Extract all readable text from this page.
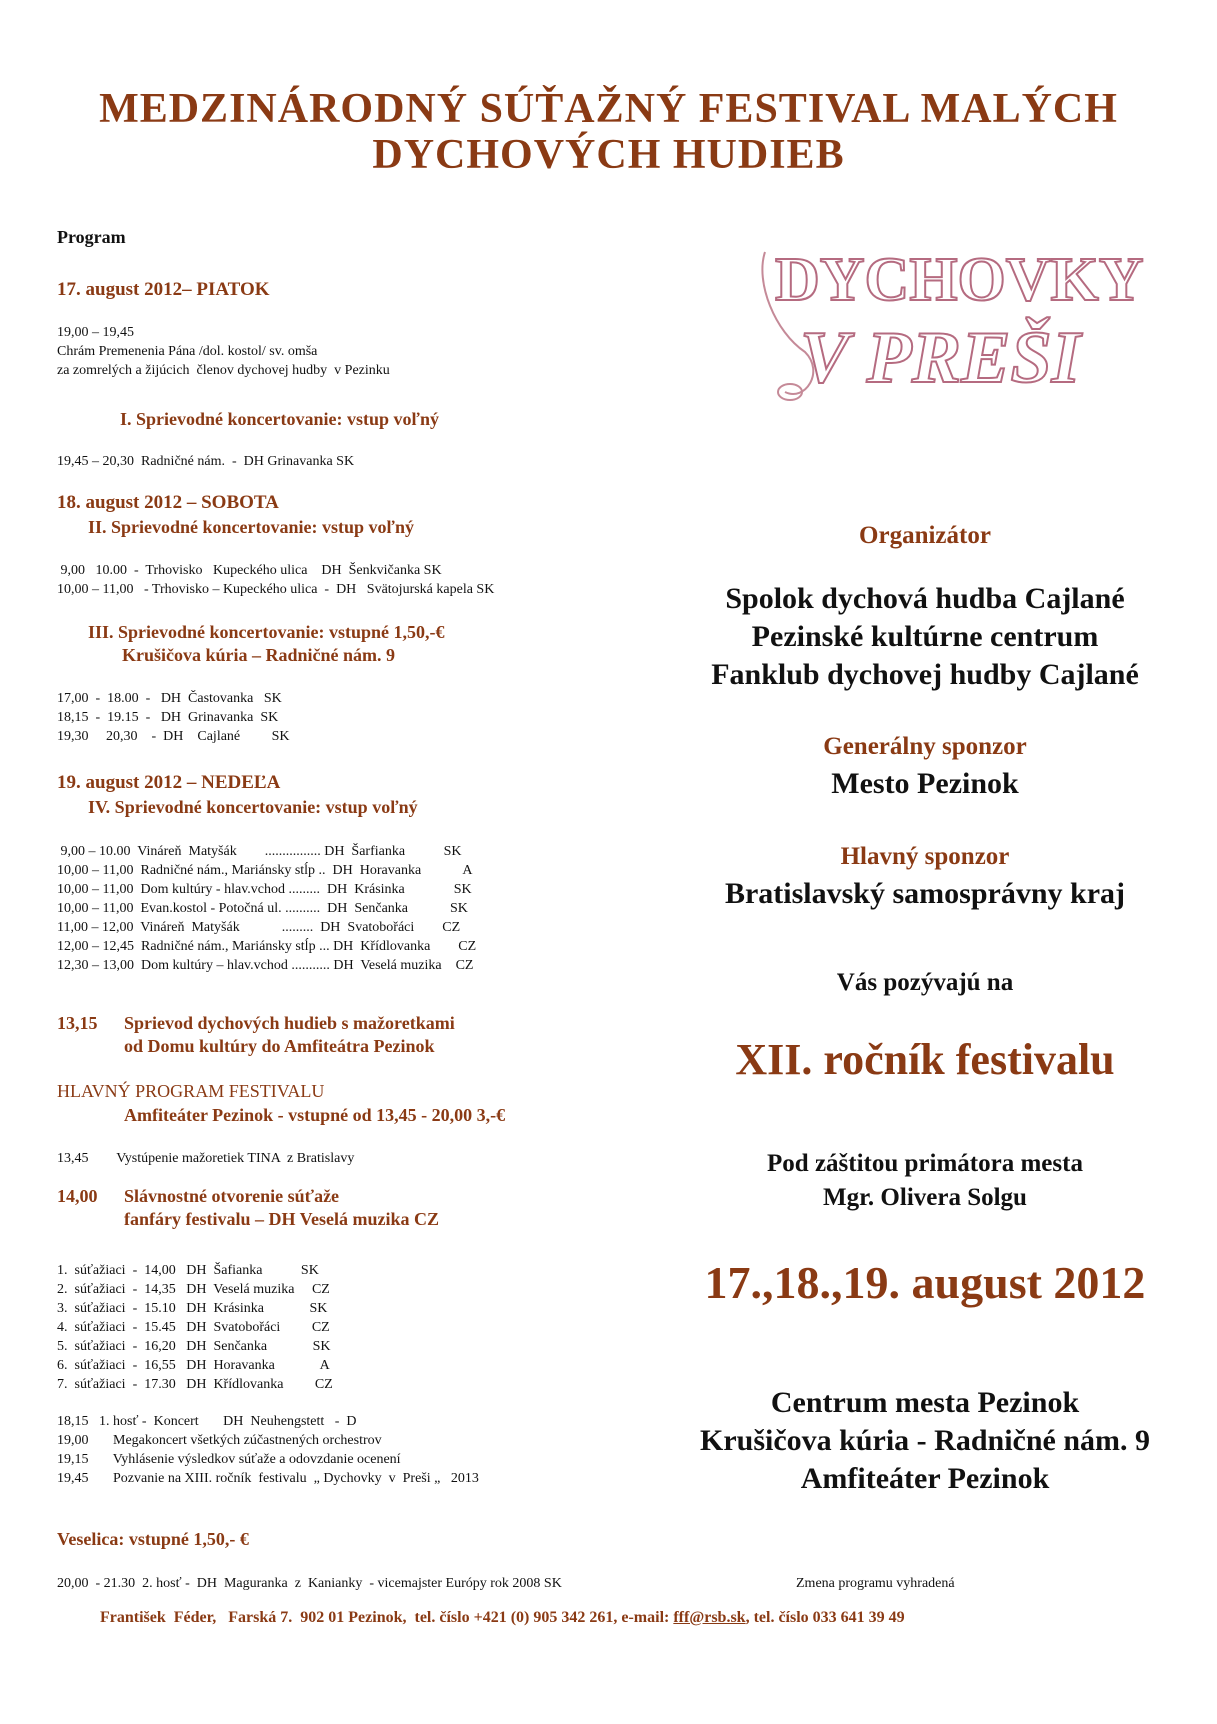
MEDZINÁRODNÝ SÚŤAŽNÝ FESTIVAL MALÝCH
DYCHOVÝCH HUDIEB
DYCHOVKY
V PREŠI
Program
17. august 2012– PIATOK
19,00 – 19,45
Chrám Premenenia Pána /dol. kostol/ sv. omša
za zomrelých a žijúcich  členov dychovej hudby  v Pezinku
I. Sprievodné koncertovanie: vstup voľný
19,45 – 20,30  Radničné nám.  -  DH Grinavanka SK
18. august 2012 – SOBOTA
II. Sprievodné koncertovanie: vstup voľný
9,00   10.00  -  Trhovisko   Kupeckého ulica    DH  Šenkvičanka SK
10,00 – 11,00   - Trhovisko – Kupeckého ulica  -  DH   Svätojurská kapela SK
III. Sprievodné koncertovanie: vstupné 1,50,-€
Krušičova kúria – Radničné nám. 9
17,00  -  18.00  -   DH  Častovanka   SK
18,15  -  19.15  -   DH  Grinavanka  SK
19,30     20,30    -  DH    Cajlané         SK
19. august 2012 – NEDEĽA
IV. Sprievodné koncertovanie: vstup voľný
9,00 – 10.00  Vináreň  Matyšák        ................ DH  Šarfianka           SK
10,00 – 11,00  Radničné nám., Mariánsky stĺp ..  DH  Horavanka            A
10,00 – 11,00  Dom kultúry - hlav.vchod .........  DH  Krásinka              SK
10,00 – 11,00  Evan.kostol - Potočná ul. ..........  DH  Senčanka            SK
11,00 – 12,00  Vináreň  Matyšák            .........  DH  Svatobořáci        CZ
12,00 – 12,45  Radničné nám., Mariánsky stĺp ... DH  Křídlovanka        CZ
12,30 – 13,00  Dom kultúry – hlav.vchod ........... DH  Veselá muzika    CZ
13,15 Sprievod dychových hudieb s mažoretkami
od Domu kultúry do Amfiteátra Pezinok
HLAVNÝ PROGRAM FESTIVALU
Amfiteáter Pezinok - vstupné od 13,45 - 20,00 3,-€
13,45        Vystúpenie mažoretiek TINA  z Bratislavy
14,00 Slávnostné otvorenie súťaže
fanfáry festivalu – DH Veselá muzika CZ
1.  súťažiaci  -  14,00   DH  Šafianka           SK
2.  súťažiaci  -  14,35   DH  Veselá muzika     CZ
3.  súťažiaci  -  15.10   DH  Krásinka             SK
4.  súťažiaci  -  15.45   DH  Svatobořáci         CZ
5.  súťažiaci  -  16,20   DH  Senčanka             SK
6.  súťažiaci  -  16,55   DH  Horavanka             A
7.  súťažiaci  -  17.30   DH  Křídlovanka         CZ
18,15   1. hosť -  Koncert       DH  Neuhengstett   -  D
19,00       Megakoncert všetkých zúčastnených orchestrov
19,15       Vyhlásenie výsledkov súťaže a odovzdanie ocenení
19,45       Pozvanie na XIII. ročník  festivalu  „ Dychovky  v  Preši „   2013
Veselica: vstupné 1,50,- €
20,00  - 21.30  2. hosť -  DH  Maguranka  z  Kanianky  - vicemajster Európy rok 2008 SK	Zmena programu vyhradená
František  Féder,   Farská 7.  902 01 Pezinok,  tel. číslo +421 (0) 905 342 261, e-mail: fff@rsb.sk, tel. číslo 033 641 39 49
Organizátor
Spolok dychová hudba Cajlané
Pezinské kultúrne centrum
Fanklub dychovej hudby Cajlané
Generálny sponzor
Mesto Pezinok
Hlavný sponzor
Bratislavský samosprávny kraj
Vás pozývajú na
XII. ročník festivalu
Pod záštitou primátora mesta
Mgr. Olivera Solgu
17.,18.,19. august 2012
Centrum mesta Pezinok
Krušičova kúria - Radničné nám. 9
Amfiteáter Pezinok
